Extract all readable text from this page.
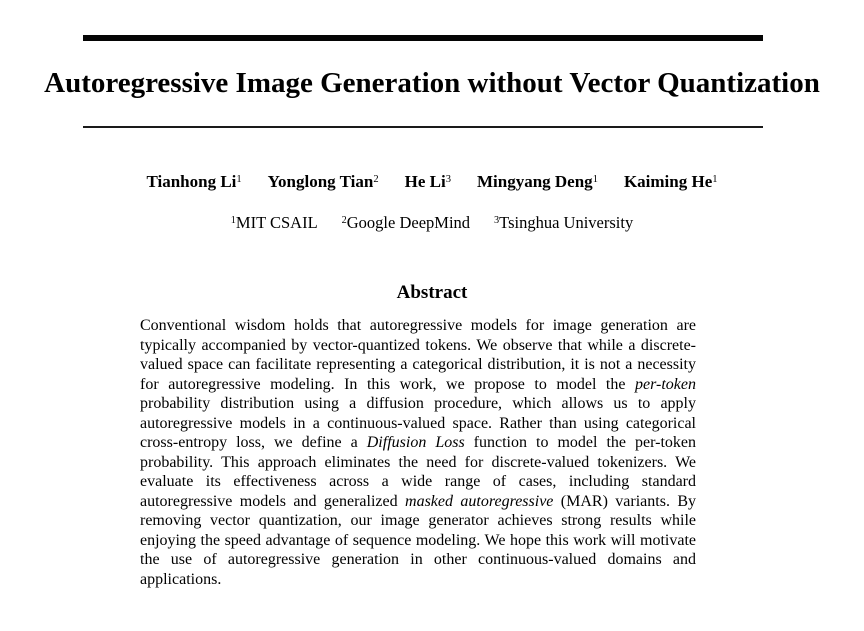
Autoregressive Image Generation without Vector Quantization
Tianhong Li$^1$ Yonglong Tian$^2$ He Li$^3$ Mingyang Deng$^1$ Kaiming He$^1$
$^1$MIT CSAIL $^2$Google DeepMind $^3$Tsinghua University
Abstract

Conventional wisdom holds that autoregressive models for image generation are typically accompanied by vector-quantized tokens. We observe that while a discrete-valued space can facilitate representing a categorical distribution, it is not a necessity for autoregressive modeling. In this work, we propose to model the per-token probability distribution using a diffusion procedure, which allows us to apply autoregressive models in a continuous-valued space. Rather than using categorical cross-entropy loss, we define a Diffusion Loss function to model the per-token probability. This approach eliminates the need for discrete-valued tokenizers. We evaluate its effectiveness across a wide range of cases, including standard autoregressive models and generalized masked autoregressive (MAR) variants. By removing vector quantization, our image generator achieves strong results while enjoying the speed advantage of sequence modeling. We hope this work will motivate the use of autoregressive generation in other continuous-valued domains and applications.
